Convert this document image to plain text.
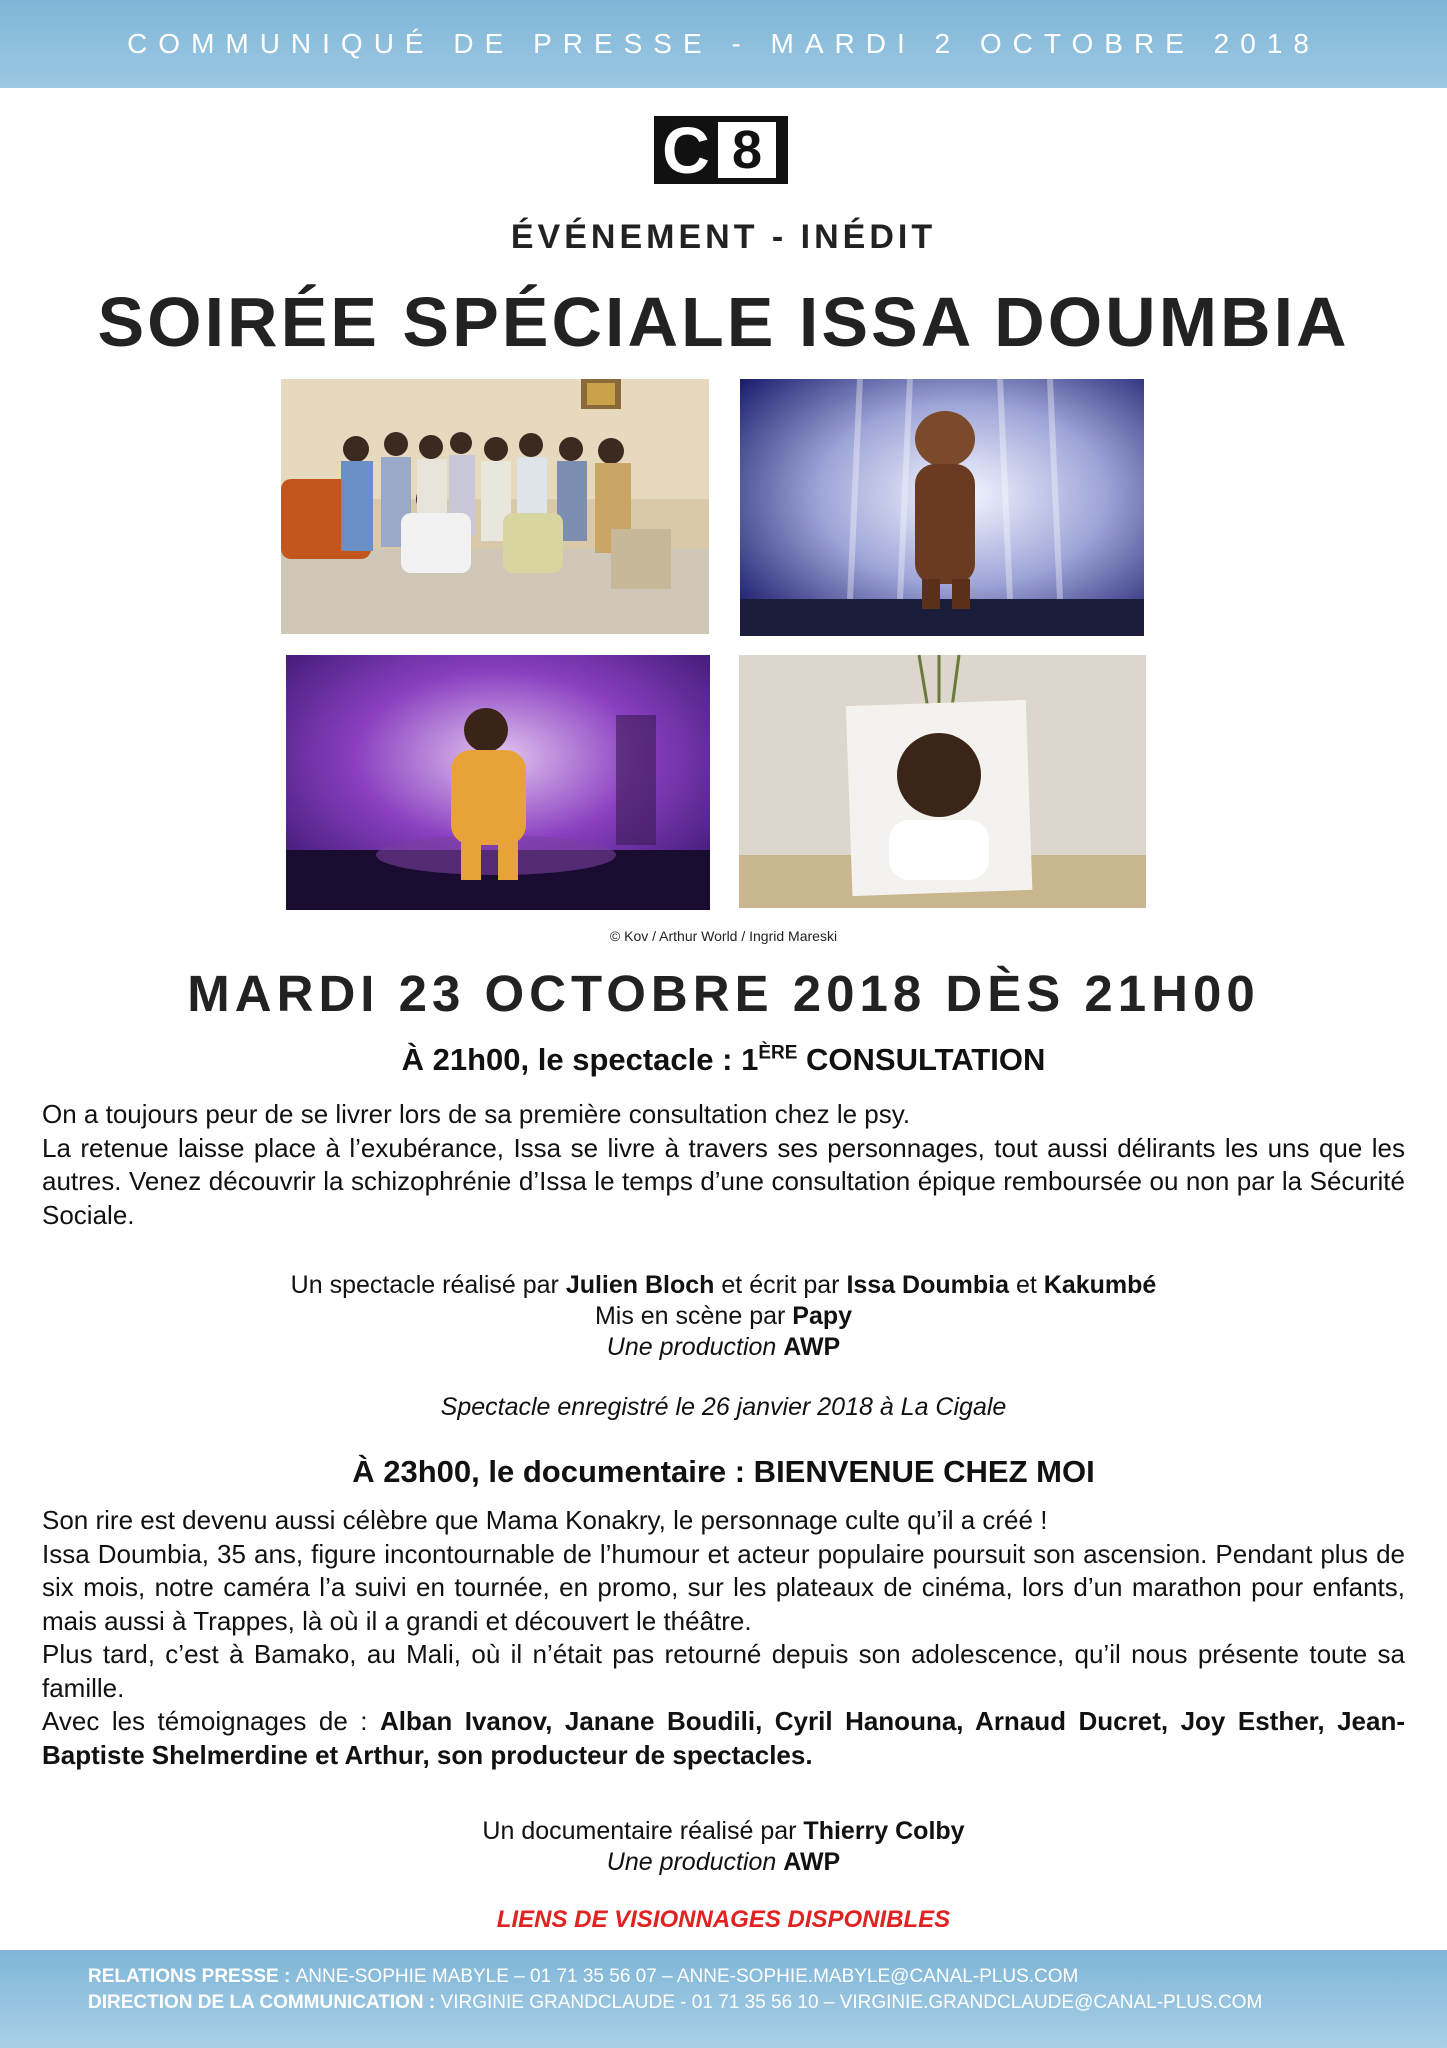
COMMUNIQUÉ DE PRESSE - MARDI 2 OCTOBRE 2018
C 8
ÉVÉNEMENT - INÉDIT
SOIRÉE SPÉCIALE ISSA DOUMBIA
© Kov / Arthur World / Ingrid Mareski
MARDI 23 OCTOBRE 2018 DÈS 21H00
À 21h00, le spectacle : 1ÈRE CONSULTATION

On a toujours peur de se livrer lors de sa première consultation chez le psy.

La retenue laisse place à l’exubérance, Issa se livre à travers ses personnages, tout aussi délirants les uns que les autres. Venez découvrir la schizophrénie d’Issa le temps d’une consultation épique remboursée ou non par la Sécurité Sociale.

Un spectacle réalisé par Julien Bloch et écrit par Issa Doumbia et Kakumbé

Mis en scène par Papy

Une production AWP

Spectacle enregistré le 26 janvier 2018 à La Cigale
À 23h00, le documentaire : BIENVENUE CHEZ MOI

Son rire est devenu aussi célèbre que Mama Konakry, le personnage culte qu’il a créé !

Issa Doumbia, 35 ans, figure incontournable de l’humour et acteur populaire poursuit son ascension. Pendant plus de six mois, notre caméra l’a suivi en tournée, en promo, sur les plateaux de cinéma, lors d’un marathon pour enfants, mais aussi à Trappes, là où il a grandi et découvert le théâtre.

Plus tard, c’est à Bamako, au Mali, où il n’était pas retourné depuis son adolescence, qu’il nous présente toute sa famille.

Avec les témoignages de : Alban Ivanov, Janane Boudili, Cyril Hanouna, Arnaud Ducret, Joy Esther, Jean-Baptiste Shelmerdine et Arthur, son producteur de spectacles.

Un documentaire réalisé par Thierry Colby

Une production AWP

LIENS DE VISIONNAGES DISPONIBLES
RELATIONS PRESSE : ANNE-SOPHIE MABYLE – 01 71 35 56 07 – ANNE-SOPHIE.MABYLE@CANAL-PLUS.COM
DIRECTION DE LA COMMUNICATION : VIRGINIE GRANDCLAUDE - 01 71 35 56 10 – VIRGINIE.GRANDCLAUDE@CANAL-PLUS.COM
